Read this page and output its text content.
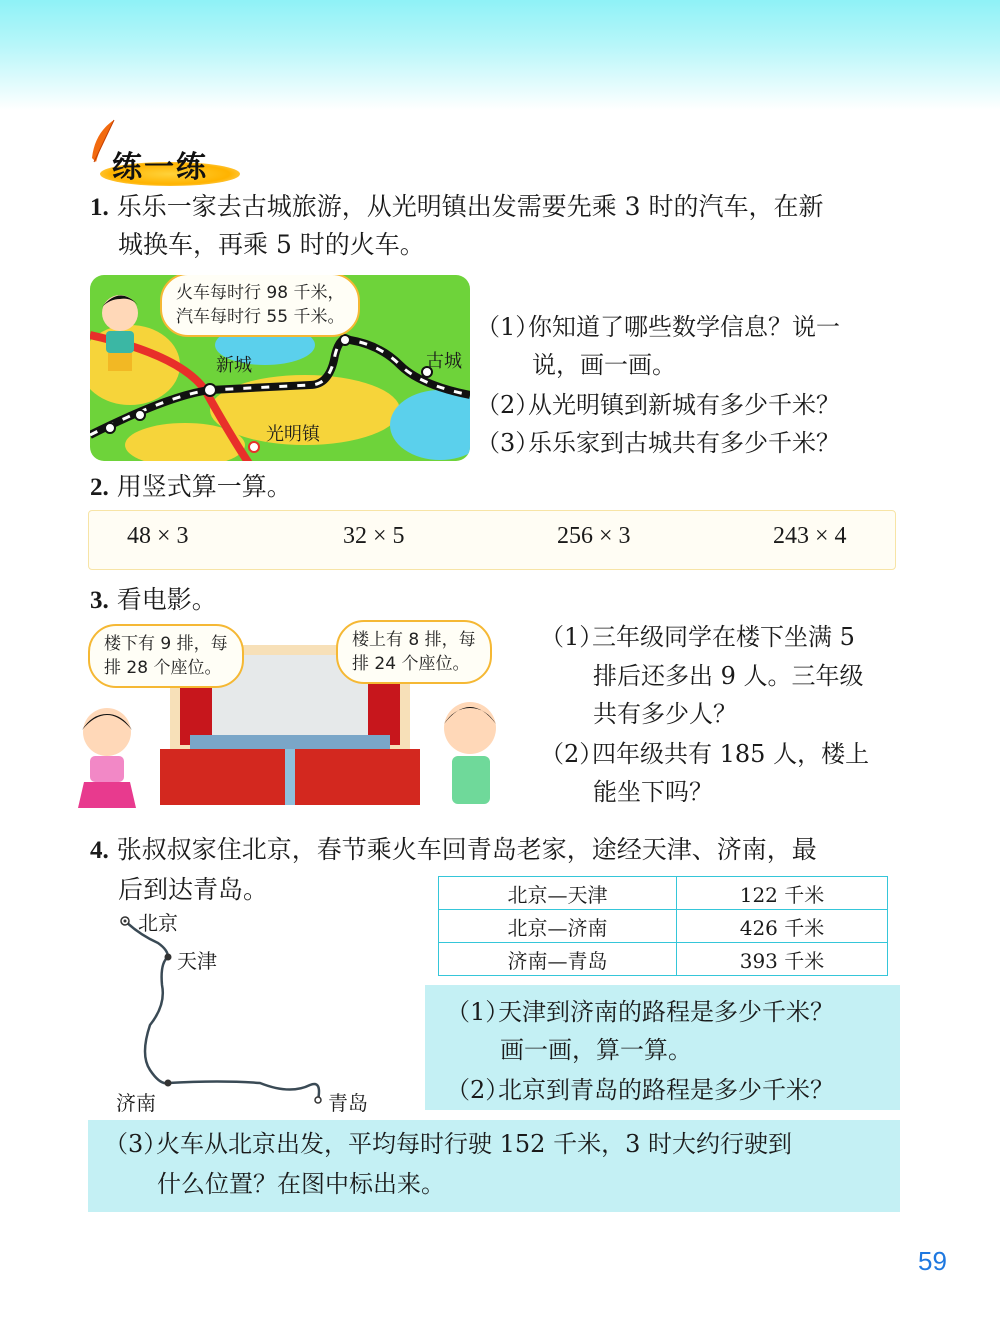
练一练
1. 乐乐一家去古城旅游，从光明镇出发需要先乘 3 时的汽车，在新
城换车，再乘 5 时的火车。
火车每时行 98 千米，
汽车每时行 55 千米。
新城	古城
光明镇
（1）你知道了哪些数学信息？说一
说，画一画。
（2）从光明镇到新城有多少千米？
（3）乐乐家到古城共有多少千米？
2. 用竖式算一算。
48 × 3	32 × 5	256 × 3	243 × 4
3. 看电影。
楼下有 9 排，每
排 28 个座位。
楼上有 8 排，每
排 24 个座位。
（1）三年级同学在楼下坐满 5
排后还多出 9 人。三年级
共有多少人？
（2）四年级共有 185 人，楼上
能坐下吗？
4. 张叔叔家住北京，春节乘火车回青岛老家，途经天津、济南，最
后到达青岛。
北京
天津
济南	青岛
北京—天津	122 千米
北京—济南	426 千米
济南—青岛	393 千米
（1）天津到济南的路程是多少千米？
画一画，算一算。
（2）北京到青岛的路程是多少千米？
（3）火车从北京出发，平均每时行驶 152 千米，3 时大约行驶到
什么位置？在图中标出来。
59
